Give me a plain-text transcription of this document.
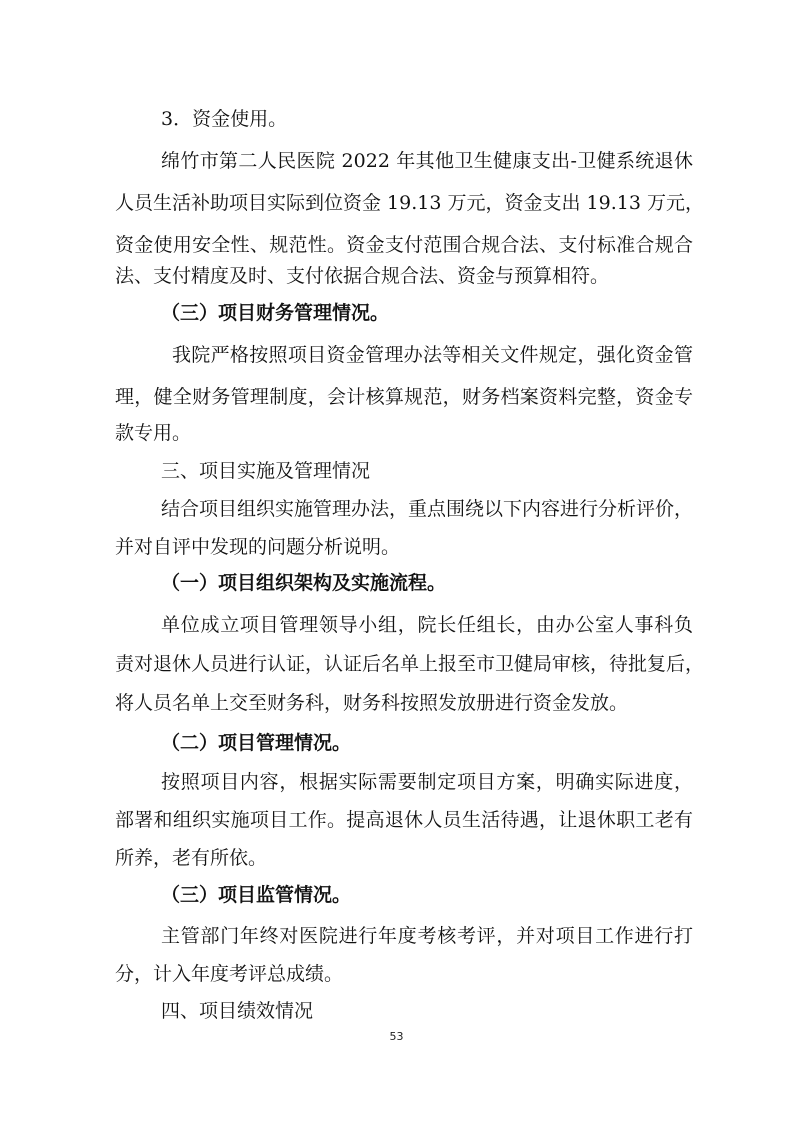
3．资金使用。
绵竹市第二人民医院 2022 年其他卫生健康支出-卫健系统退休
人员生活补助项目实际到位资金 19.13 万元，资金支出 19.13 万元，
资金使用安全性、规范性。资金支付范围合规合法、支付标准合规合
法、支付精度及时、支付依据合规合法、资金与预算相符。
（三）项目财务管理情况。
我院严格按照项目资金管理办法等相关文件规定，强化资金管
理，健全财务管理制度，会计核算规范，财务档案资料完整，资金专
款专用。
三、项目实施及管理情况
结合项目组织实施管理办法，重点围绕以下内容进行分析评价，
并对自评中发现的问题分析说明。
（一）项目组织架构及实施流程。
单位成立项目管理领导小组，院长任组长，由办公室人事科负
责对退休人员进行认证，认证后名单上报至市卫健局审核，待批复后，
将人员名单上交至财务科，财务科按照发放册进行资金发放。
（二）项目管理情况。
按照项目内容，根据实际需要制定项目方案，明确实际进度，
部署和组织实施项目工作。提高退休人员生活待遇，让退休职工老有
所养，老有所依。
（三）项目监管情况。
主管部门年终对医院进行年度考核考评，并对项目工作进行打
分，计入年度考评总成绩。
四、项目绩效情况
53
